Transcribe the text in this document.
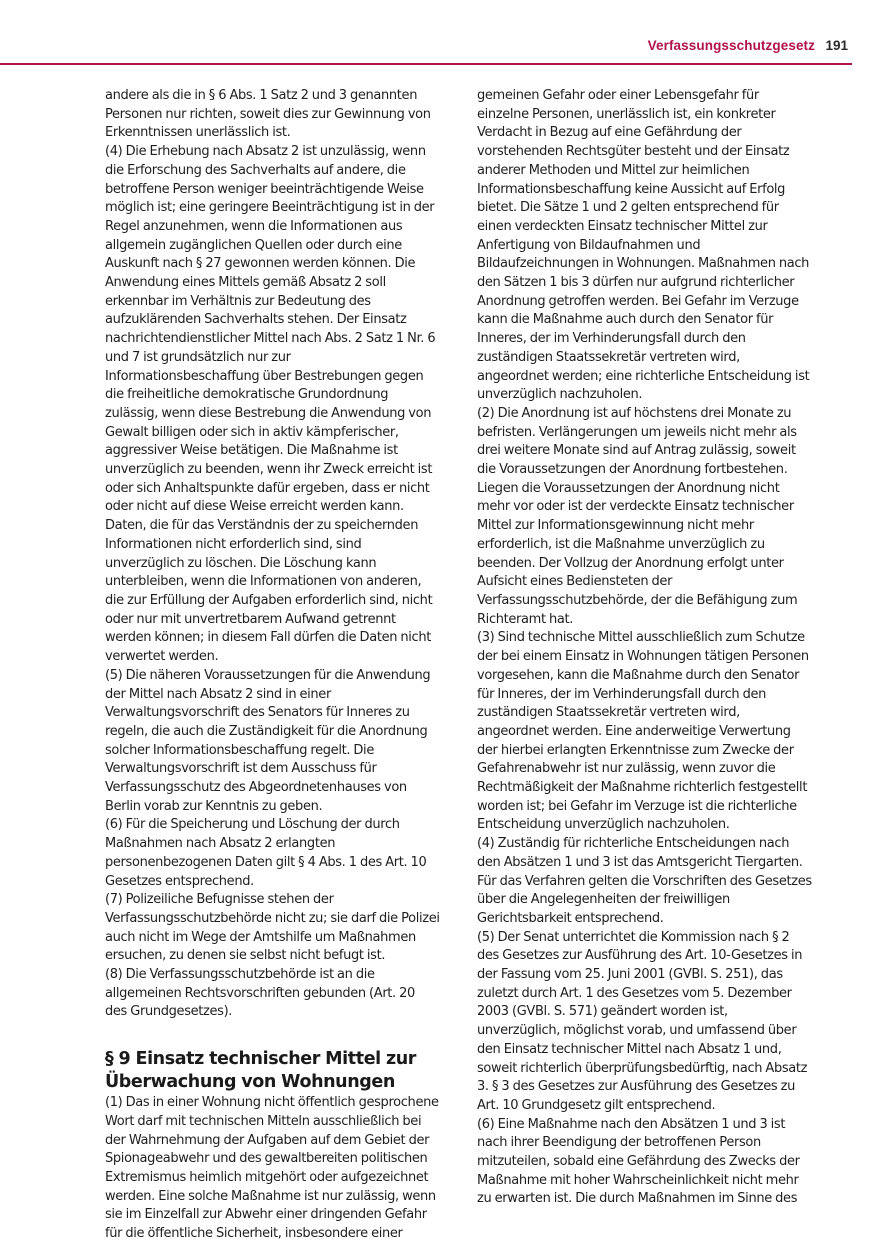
Verfassungsschutzgesetz 191

andere als die in § 6 Abs. 1 Satz 2 und 3 genannten Personen nur richten, soweit dies zur Gewinnung von Erkenntnissen unerlässlich ist.

(4) Die Erhebung nach Absatz 2 ist unzulässig, wenn die Erforschung des Sachverhalts auf andere, die betroffene Person weniger beeinträchtigende Weise möglich ist; eine geringere Beeinträchtigung ist in der Regel anzunehmen, wenn die Informationen aus allgemein zugänglichen Quellen oder durch eine Auskunft nach § 27 gewonnen werden können. Die Anwendung eines Mittels gemäß Absatz 2 soll erkennbar im Verhältnis zur Bedeutung des aufzuklärenden Sachverhalts stehen. Der Einsatz nachrichtendienstlicher Mittel nach Abs. 2 Satz 1 Nr. 6 und 7 ist grundsätzlich nur zur Informationsbeschaffung über Bestrebungen gegen die freiheitliche demokratische Grundordnung zulässig, wenn diese Bestrebung die Anwendung von Gewalt billigen oder sich in aktiv kämpferischer, aggressiver Weise betätigen. Die Maßnahme ist unverzüglich zu beenden, wenn ihr Zweck erreicht ist oder sich Anhaltspunkte dafür ergeben, dass er nicht oder nicht auf diese Weise erreicht werden kann. Daten, die für das Verständnis der zu speichernden Informationen nicht erforderlich sind, sind unverzüglich zu löschen. Die Löschung kann unterbleiben, wenn die Informationen von anderen, die zur Erfüllung der Aufgaben erforderlich sind, nicht oder nur mit unvertretbarem Aufwand getrennt werden können; in diesem Fall dürfen die Daten nicht verwertet werden.

(5) Die näheren Voraussetzungen für die Anwendung der Mittel nach Absatz 2 sind in einer Verwaltungsvorschrift des Senators für Inneres zu regeln, die auch die Zuständigkeit für die Anordnung solcher Informationsbeschaffung regelt. Die Verwaltungsvorschrift ist dem Ausschuss für Verfassungsschutz des Abgeordnetenhauses von Berlin vorab zur Kenntnis zu geben.

(6) Für die Speicherung und Löschung der durch Maßnahmen nach Absatz 2 erlangten personenbezogenen Daten gilt § 4 Abs. 1 des Art. 10 Gesetzes entsprechend.

(7) Polizeiliche Befugnisse stehen der Verfassungsschutzbehörde nicht zu; sie darf die Polizei auch nicht im Wege der Amtshilfe um Maßnahmen ersuchen, zu denen sie selbst nicht befugt ist.

(8) Die Verfassungsschutzbehörde ist an die allgemeinen Rechtsvorschriften gebunden (Art. 20 des Grundgesetzes).

§ 9 Einsatz technischer Mittel zur Überwachung von Wohnungen

(1) Das in einer Wohnung nicht öffentlich gesprochene Wort darf mit technischen Mitteln ausschließlich bei der Wahrnehmung der Aufgaben auf dem Gebiet der Spionageabwehr und des gewaltbereiten politischen Extremismus heimlich mitgehört oder aufgezeichnet werden. Eine solche Maßnahme ist nur zulässig, wenn sie im Einzelfall zur Abwehr einer dringenden Gefahr für die öffentliche Sicherheit, insbesondere einer

gemeinen Gefahr oder einer Lebensgefahr für einzelne Personen, unerlässlich ist, ein konkreter Verdacht in Bezug auf eine Gefährdung der vorstehenden Rechtsgüter besteht und der Einsatz anderer Methoden und Mittel zur heimlichen Informationsbeschaffung keine Aussicht auf Erfolg bietet. Die Sätze 1 und 2 gelten entsprechend für einen verdeckten Einsatz technischer Mittel zur Anfertigung von Bildaufnahmen und Bildaufzeichnungen in Wohnungen. Maßnahmen nach den Sätzen 1 bis 3 dürfen nur aufgrund richterlicher Anordnung getroffen werden. Bei Gefahr im Verzuge kann die Maßnahme auch durch den Senator für Inneres, der im Verhinderungsfall durch den zuständigen Staatssekretär vertreten wird, angeordnet werden; eine richterliche Entscheidung ist unverzüglich nachzuholen.

(2) Die Anordnung ist auf höchstens drei Monate zu befristen. Verlängerungen um jeweils nicht mehr als drei weitere Monate sind auf Antrag zulässig, soweit die Voraussetzungen der Anordnung fortbestehen. Liegen die Voraussetzungen der Anordnung nicht mehr vor oder ist der verdeckte Einsatz technischer Mittel zur Informationsgewinnung nicht mehr erforderlich, ist die Maßnahme unverzüglich zu beenden. Der Vollzug der Anordnung erfolgt unter Aufsicht eines Bediensteten der Verfassungsschutzbehörde, der die Befähigung zum Richteramt hat.

(3) Sind technische Mittel ausschließlich zum Schutze der bei einem Einsatz in Wohnungen tätigen Personen vorgesehen, kann die Maßnahme durch den Senator für Inneres, der im Verhinderungsfall durch den zuständigen Staatssekretär vertreten wird, angeordnet werden. Eine anderweitige Verwertung der hierbei erlangten Erkenntnisse zum Zwecke der Gefahrenabwehr ist nur zulässig, wenn zuvor die Rechtmäßigkeit der Maßnahme richterlich festgestellt worden ist; bei Gefahr im Verzuge ist die richterliche Entscheidung unverzüglich nachzuholen.

(4) Zuständig für richterliche Entscheidungen nach den Absätzen 1 und 3 ist das Amtsgericht Tiergarten. Für das Verfahren gelten die Vorschriften des Gesetzes über die Angelegenheiten der freiwilligen Gerichtsbarkeit entsprechend.

(5) Der Senat unterrichtet die Kommission nach § 2 des Gesetzes zur Ausführung des Art. 10-Gesetzes in der Fassung vom 25. Juni 2001 (GVBl. S. 251), das zuletzt durch Art. 1 des Gesetzes vom 5. Dezember 2003 (GVBl. S. 571) geändert worden ist, unverzüglich, möglichst vorab, und umfassend über den Einsatz technischer Mittel nach Absatz 1 und, soweit richterlich überprüfungsbedürftig, nach Absatz 3. § 3 des Gesetzes zur Ausführung des Gesetzes zu Art. 10 Grundgesetz gilt entsprechend.

(6) Eine Maßnahme nach den Absätzen 1 und 3 ist nach ihrer Beendigung der betroffenen Person mitzuteilen, sobald eine Gefährdung des Zwecks der Maßnahme mit hoher Wahrscheinlichkeit nicht mehr zu erwarten ist. Die durch Maßnahmen im Sinne des
